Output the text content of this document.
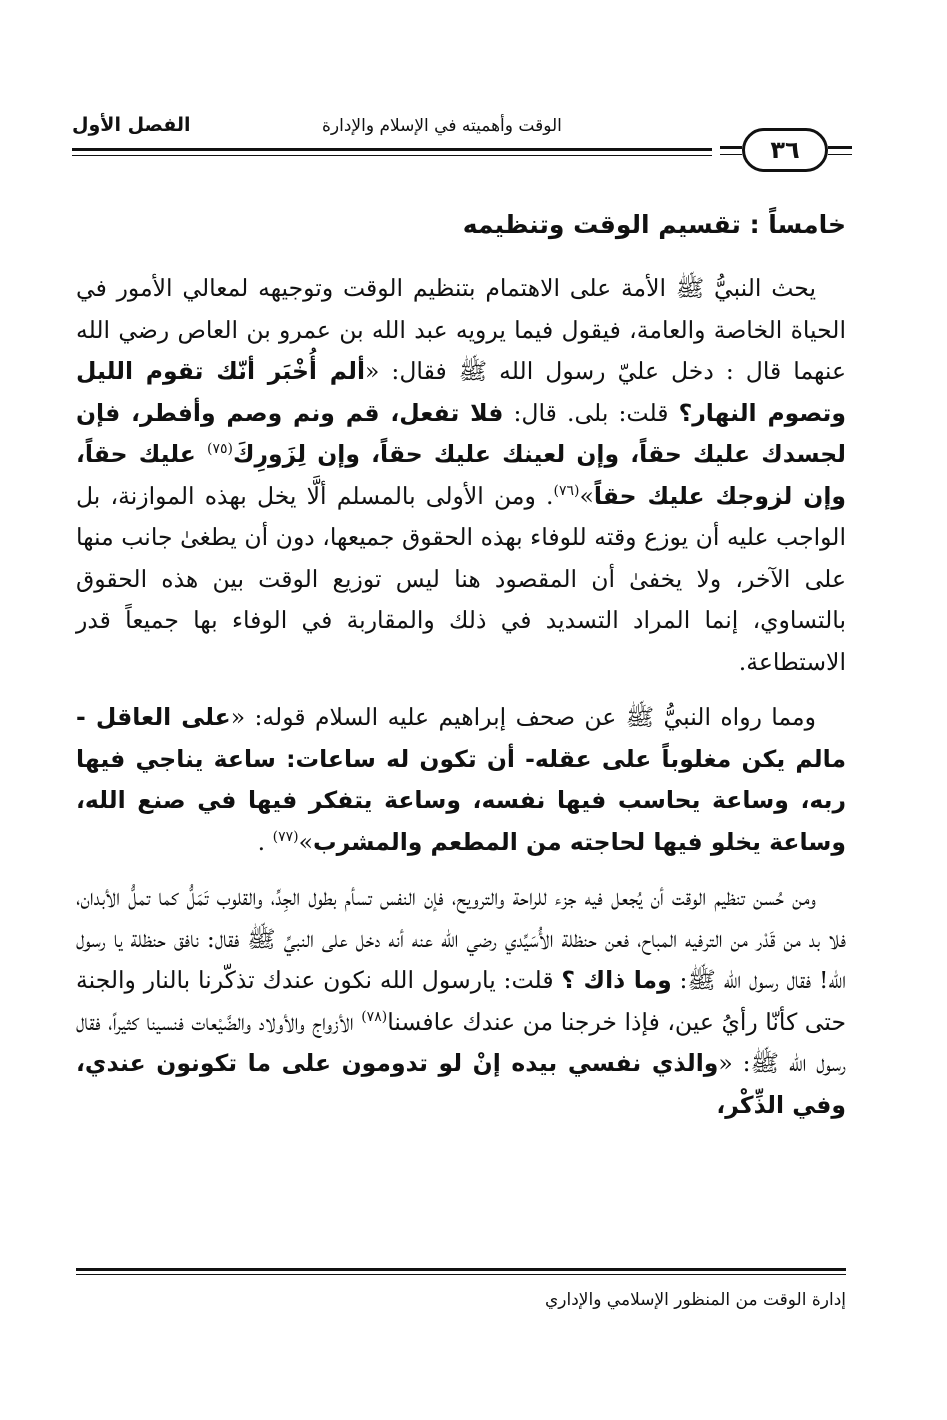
الفصل الأول	الوقت وأهميته في الإسلام والإدارة
٣٦
خامساً : تقسيم الوقت وتنظيمه

يحث النبيُّ ﷺ الأمة على الاهتمام بتنظيم الوقت وتوجيهه لمعالي الأمور في الحياة الخاصة والعامة، فيقول فيما يرويه عبد الله بن عمرو بن العاص رضي الله عنهما قال : دخل عليّ رسول الله ﷺ فقال: «ألم أُخْبَر أنّك تقوم الليل وتصوم النهار؟ قلت: بلى. قال: فلا تفعل، قم ونم وصم وأفطر، فإن لجسدك عليك حقاً، وإن لعينك عليك حقاً، وإن لِزَورِكَ$^{(٧٥)}$ عليك حقاً، وإن لزوجك عليك حقاً»$^{(٧٦)}$. ومن الأولى بالمسلم ألَّا يخل بهذه الموازنة، بل الواجب عليه أن يوزع وقته للوفاء بهذه الحقوق جميعها، دون أن يطغىٰ جانب منها على الآخر، ولا يخفىٰ أن المقصود هنا ليس توزيع الوقت بين هذه الحقوق بالتساوي، إنما المراد التسديد في ذلك والمقاربة في الوفاء بها جميعاً قدر الاستطاعة.

ومما رواه النبيُّ ﷺ عن صحف إبراهيم عليه السلام قوله: «على العاقل - مالم يكن مغلوباً على عقله- أن تكون له ساعات: ساعة يناجي فيها ربه، وساعة يحاسب فيها نفسه، وساعة يتفكر فيها في صنع الله، وساعة يخلو فيها لحاجته من المطعم والمشرب»$^{(٧٧)}$ .

ومن حُسن تنظيم الوقت أن يُجعل فيه جزء للراحة والترويح، فإن النفس تسأم بطول الجِدِّ، والقلوب تَمَلُّ كما تملُّ الأبدان، فلا بد من قَدْر من الترفيه المباح، فعن حنظلة الأُسَيِّدي رضي الله عنه أنه دخل على النبيِّ ﷺ فقال: نافق حنظلة يا رسول الله! فقال رسول الله ﷺ: وما ذاك ؟ قلت: يارسول الله نكون عندك تذكّرنا بالنار والجنة حتى كأنّا رأيُ عين، فإذا خرجنا من عندك عافسنا$^{(٧٨)}$ الأزواج والأولاد والضَّيْعات فنسينا كثيراً، فقال رسول الله ﷺ: «والذي نفسي بيده إنْ لو تدومون على ما تكونون عندي، وفي الذِّكْر،

إدارة الوقت من المنظور الإسلامي والإداري
